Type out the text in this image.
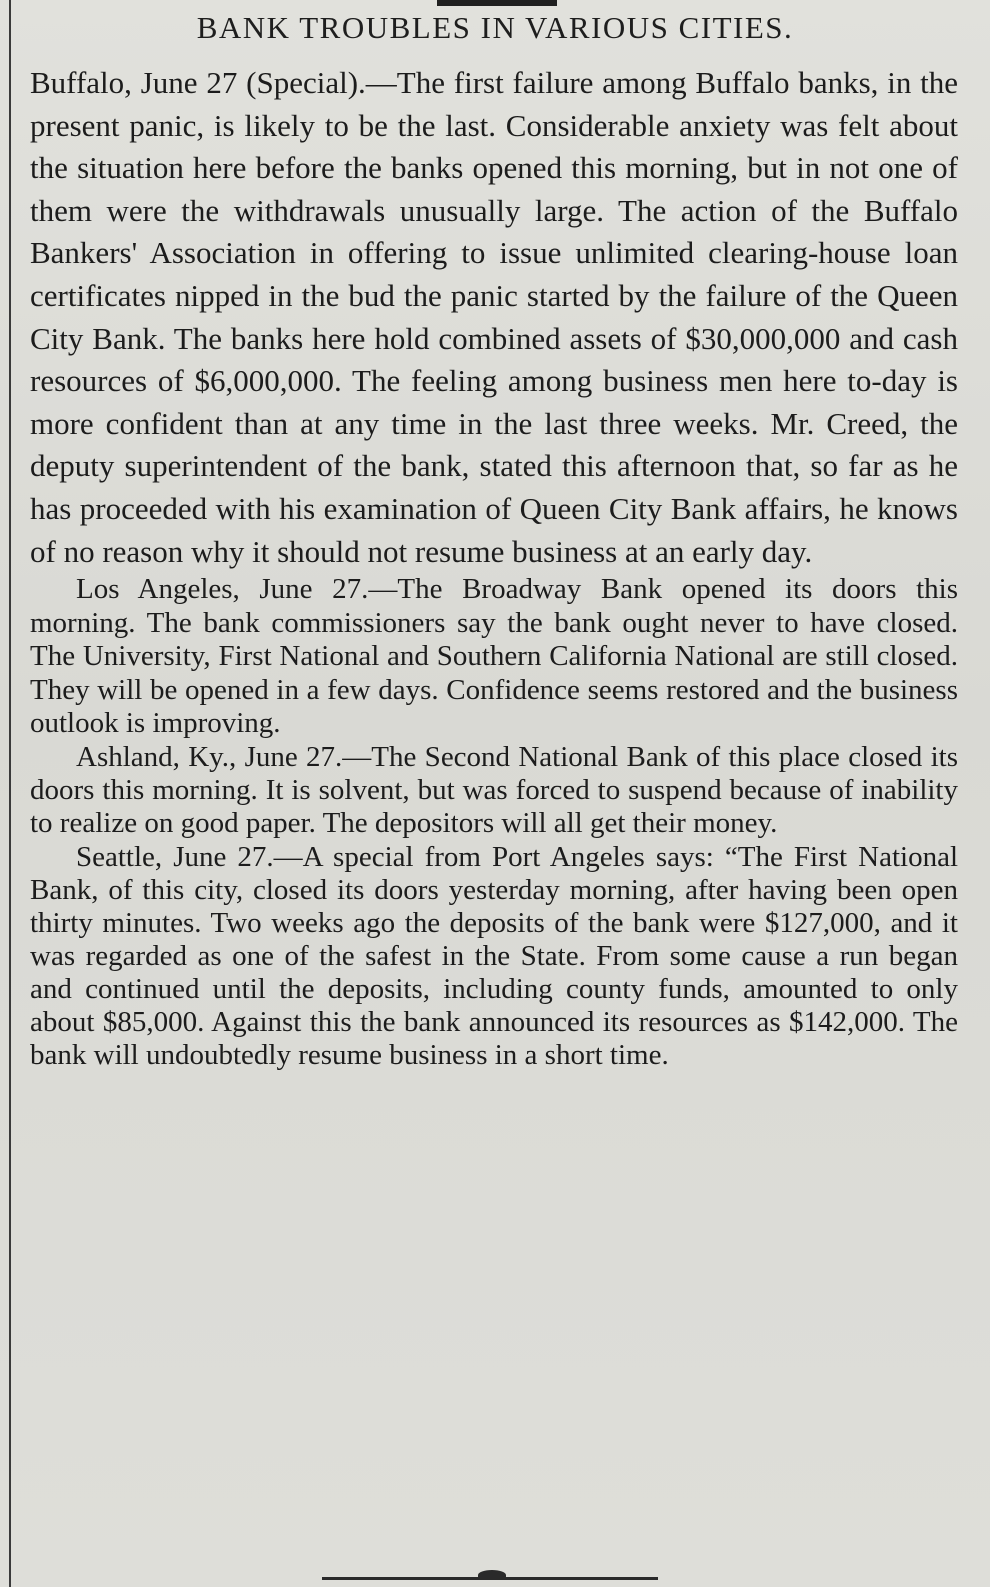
BANK TROUBLES IN VARIOUS CITIES.

Buffalo, June 27 (Special).—The first failure among Buffalo banks, in the present panic, is likely to be the last. Considerable anxiety was felt about the situation here before the banks opened this morning, but in not one of them were the withdrawals unusually large. The action of the Buffalo Bankers' Association in offering to issue unlimited clearing-house loan certificates nipped in the bud the panic started by the failure of the Queen City Bank. The banks here hold combined assets of $30,000,000 and cash resources of $6,000,000. The feeling among business men here to-day is more confident than at any time in the last three weeks. Mr. Creed, the deputy superintendent of the bank, stated this afternoon that, so far as he has proceeded with his examination of Queen City Bank affairs, he knows of no reason why it should not resume business at an early day.

Los Angeles, June 27.—The Broadway Bank opened its doors this morning. The bank commissioners say the bank ought never to have closed. The University, First National and Southern California National are still closed. They will be opened in a few days. Confidence seems restored and the business outlook is improving.

Ashland, Ky., June 27.—The Second National Bank of this place closed its doors this morning. It is solvent, but was forced to suspend because of inability to realize on good paper. The depositors will all get their money.

Seattle, June 27.—A special from Port Angeles says: “The First National Bank, of this city, closed its doors yesterday morning, after having been open thirty minutes. Two weeks ago the deposits of the bank were $127,000, and it was regarded as one of the safest in the State. From some cause a run began and continued until the deposits, including county funds, amounted to only about $85,000. Against this the bank announced its resources as $142,000. The bank will undoubtedly resume business in a short time.
